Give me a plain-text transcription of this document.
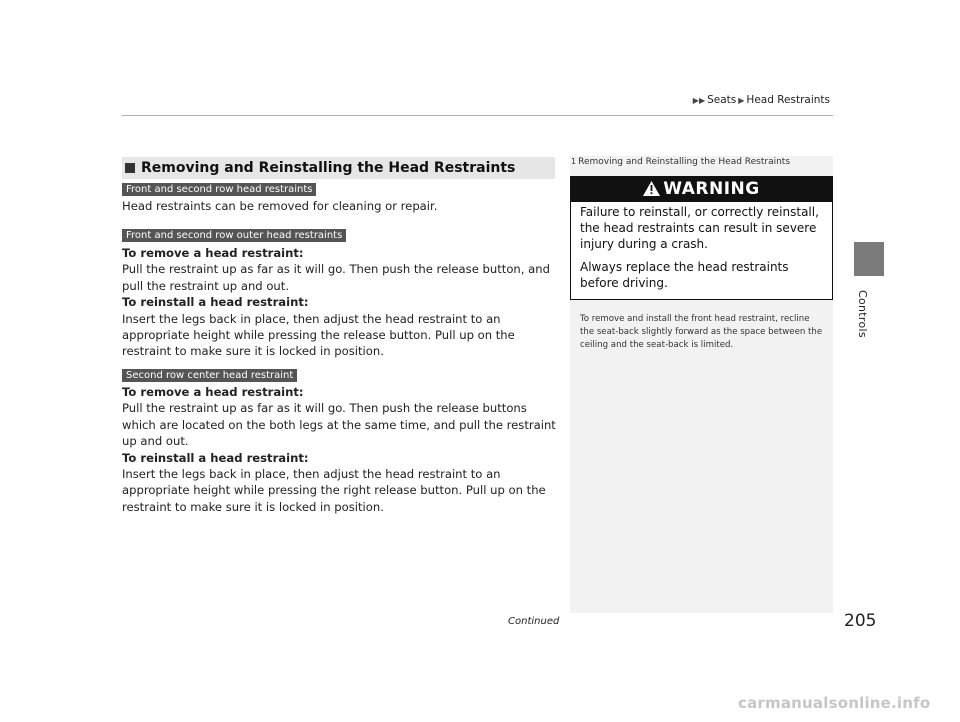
▶▶ Seats ▶ Head Restraints
Controls
Removing and Reinstalling the Head Restraints
Front and second row head restraints

Head restraints can be removed for cleaning or repair.

Front and second row outer head restraints

To remove a head restraint:

Pull the restraint up as far as it will go. Then push the release button, and pull the restraint up and out.

To reinstall a head restraint:

Insert the legs back in place, then adjust the head restraint to an appropriate height while pressing the release button. Pull up on the restraint to make sure it is locked in position.

Second row center head restraint

To remove a head restraint:

Pull the restraint up as far as it will go. Then push the release buttons which are located on the both legs at the same time, and pull the restraint up and out.

To reinstall a head restraint:

Insert the legs back in place, then adjust the head restraint to an appropriate height while pressing the right release button. Pull up on the restraint to make sure it is locked in position.

1 Removing and Reinstalling the Head Restraints
WARNING

Failure to reinstall, or correctly reinstall, the head restraints can result in severe injury during a crash.

Always replace the head restraints before driving.

To remove and install the front head restraint, recline the seat-back slightly forward as the space between the ceiling and the seat-back is limited.
Continued	205
carmanualsonline.info
